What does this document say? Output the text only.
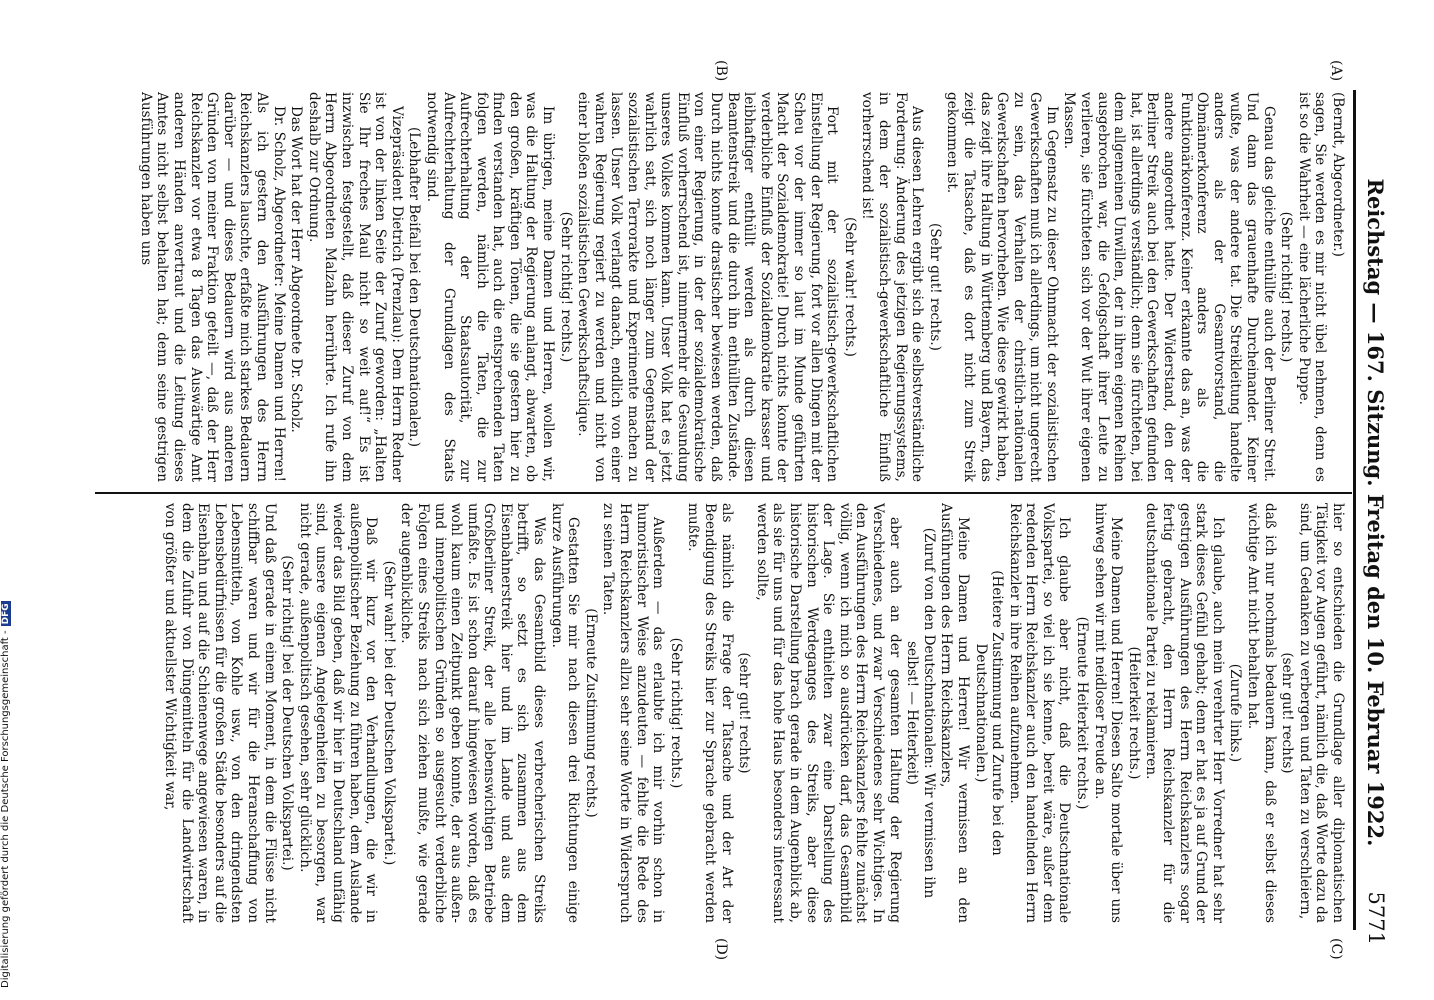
Reichstag — 167. Sitzung. Freitag den 10. Februar 1922.
5771
(A)
(B)
(C)
(D)

(Berndt, Abgeordneter.)

sagen, Sie werden es mir nicht übel nehmen, denn es ist so die Wahrheit — eine lächerliche Puppe.

(Sehr richtig! rechts.)

Genau das gleiche enthüllte auch der Berliner Streit. Und dann das grauenhafte Durcheinander. Keiner wußte, was der andere tat. Die Streikleitung handelte anders als der Gesamtvorstand, die Obmännerkonferenz anders als die Funktionärkonferenz. Keiner erkannte das an, was der andere angeordnet hatte. Der Widerstand, den der Berliner Streik auch bei den Gewerkschaften gefunden hat, ist allerdings verständlich; denn sie fürchteten, bei dem allgemeinen Unwillen, der in ihren eigenen Reihen ausgebrochen war, die Gefolgschaft ihrer Leute zu verlieren, sie fürchteten sich vor der Wut ihrer eigenen Massen.

Im Gegensatz zu dieser Ohnmacht der sozialistischen Gewerkschaften muß ich allerdings, um nicht ungerecht zu sein, das Verhalten der christlich-nationalen Gewerkschaften hervorheben. Wie diese gewirkt haben, das zeigt ihre Haltung in Württemberg und Bayern, das zeigt die Tatsache, daß es dort nicht zum Streik gekommen ist.

(Sehr gut! rechts.)

Aus diesen Lehren ergibt sich die selbstverständliche Forderung: Änderung des jetzigen Regierungssystems, in dem der sozialistisch-gewerkschaftliche Einfluß vorherrschend ist!

(Sehr wahr! rechts.)

Fort mit der sozialistisch-gewerkschaftlichen Einstellung der Regierung, fort vor allen Dingen mit der Scheu vor der immer so laut im Munde geführten Macht der Sozialdemokratie! Durch nichts konnte der verderbliche Einfluß der Sozialdemokratie krasser und leibhaftiger enthüllt werden als durch diesen Beamtenstreik und die durch ihn enthüllten Zustände. Durch nichts konnte drastischer bewiesen werden, daß von einer Regierung, in der der sozialdemokratische Einfluß vorherrschend ist, nimmermehr die Gesundung unseres Volkes kommen kann. Unser Volk hat es jetzt wahrlich satt, sich noch länger zum Gegenstand der sozialistischen Terrorakte und Experimente machen zu lassen. Unser Volk verlangt danach, endlich von einer wahren Regierung regiert zu werden und nicht von einer bloßen sozialistischen Gewerkschaftsclique.

(Sehr richtig! rechts.)

Im übrigen, meine Damen und Herren, wollen wir, was die Haltung der Regierung anlangt, abwarten, ob den großen, kräftigen Tönen, die sie gestern hier zu finden verstanden hat, auch die entsprechenden Taten folgen werden, nämlich die Taten, die zur Aufrechterhaltung der Staatsautorität, zur Aufrechterhaltung der Grundlagen des Staats notwendig sind.

(Lebhafter Beifall bei den Deutschnationalen.)

Vizepräsident Dietrich (Prenzlau): Dem Herrn Redner ist von der linken Seite der Zuruf geworden: „Halten Sie Ihr freches Maul nicht so weit auf!“ Es ist inzwischen festgestellt, daß dieser Zuruf von dem Herrn Abgeordneten Malzahn herrührte. Ich rufe ihn deshalb zur Ordnung.

Das Wort hat der Herr Abgeordnete Dr. Scholz.

Dr. Scholz, Abgeordneter: Meine Damen und Herren! Als ich gestern den Ausführungen des Herrn Reichskanzlers lauschte, erfaßte mich starkes Bedauern darüber — und dieses Bedauern wird aus anderen Gründen von meiner Fraktion geteilt —, daß der Herr Reichskanzler vor etwa 8 Tagen das Auswärtige Amt anderen Händen anvertraut und die Leitung dieses Amtes nicht selbst behalten hat; denn seine gestrigen Ausführungen haben uns

hier so entschieden die Grundlage aller diplomatischen Tätigkeit vor Augen geführt, nämlich die, daß Worte dazu da sind, um Gedanken zu verbergen und Taten zu verschleiern,

(sehr gut! rechts)

daß ich nur nochmals bedauern kann, daß er selbst dieses wichtige Amt nicht behalten hat.

(Zurufe links.)

Ich glaube, auch mein verehrter Herr Vorredner hat sehr stark dieses Gefühl gehabt; denn er hat es ja auf Grund der gestrigen Ausführungen des Herrn Reichskanzlers sogar fertig gebracht, den Herrn Reichskanzler für die deutschnationale Partei zu reklamieren.

(Heiterkeit rechts.)

Meine Damen und Herren! Diesen Salto mortale über uns hinweg sehen wir mit neidloser Freude an.

(Erneute Heiterkeit rechts.)

Ich glaube aber nicht, daß die Deutschnationale Volkspartei, so viel ich sie kenne, bereit wäre, außer dem redenden Herrn Reichskanzler auch den handelnden Herrn Reichskanzler in ihre Reihen aufzunehmen.

(Heitere Zustimmung und Zurufe bei den Deutschnationalen.)

Meine Damen und Herren! Wir vermissen an den Ausführungen des Herrn Reichskanzlers,

(Zuruf von den Deutschnationalen: Wir vermissen ihn selbst! — Heiterkeit)

aber auch an der gesamten Haltung der Regierung Verschiedenes, und zwar Verschiedenes sehr Wichtiges. In den Ausführungen des Herrn Reichskanzlers fehlte zunächst völlig, wenn ich mich so ausdrücken darf, das Gesamtbild der Lage. Sie enthielten zwar eine Darstellung des historischen Werdeganges des Streiks, aber diese historische Darstellung brach gerade in dem Augenblick ab, als sie für uns und für das hohe Haus besonders interessant werden sollte,

(sehr gut! rechts)

als nämlich die Frage der Tatsache und der Art der Beendigung des Streiks hier zur Sprache gebracht werden mußte.

(Sehr richtig! rechts.)

Außerdem — das erlaubte ich mir vorhin schon in humoristischer Weise anzudeuten — fehlte die Rede des Herrn Reichskanzlers allzu sehr seine Worte in Widerspruch zu seinen Taten.

(Erneute Zustimmung rechts.)

Gestatten Sie mir nach diesen drei Richtungen einige kurze Ausführungen.

Was das Gesamtbild dieses verbrecherischen Streiks betrifft, so setzt es sich zusammen aus dem Eisenbahnerstreik hier und im Lande und aus dem Großberliner Streik, der alle lebenswichtigen Betriebe umfaßte. Es ist schon darauf hingewiesen worden, daß es wohl kaum einen Zeitpunkt geben konnte, der aus außen- und innenpolitischen Gründen so ausgesucht verderbliche Folgen eines Streiks nach sich ziehen mußte, wie gerade der augenblickliche.

(Sehr wahr! bei der Deutschen Volkspartei.)

Daß wir kurz vor den Verhandlungen, die wir in außenpolitischer Beziehung zu führen haben, dem Auslande wieder das Bild geben, daß wir hier in Deutschland unfähig sind, unsere eigenen Angelegenheiten zu besorgen, war nicht gerade, außenpolitisch gesehen, sehr glücklich.

(Sehr richtig! bei der Deutschen Volkspartei.)

Und daß gerade in einem Moment, in dem die Flüsse nicht schiffbar waren und wir für die Heranschaffung von Lebensmitteln, von Kohle usw., von den dringendsten Lebensbedürfnissen für die großen Städte besonders auf die Eisenbahn und auf die Schienenwege angewiesen waren, in dem die Zufuhr von Düngemitteln für die Landwirtschaft von größter und aktuellster Wichtigkeit war,

Digitalisierung gefördert durch die Deutsche Forschungsgemeinschaft -DFG
